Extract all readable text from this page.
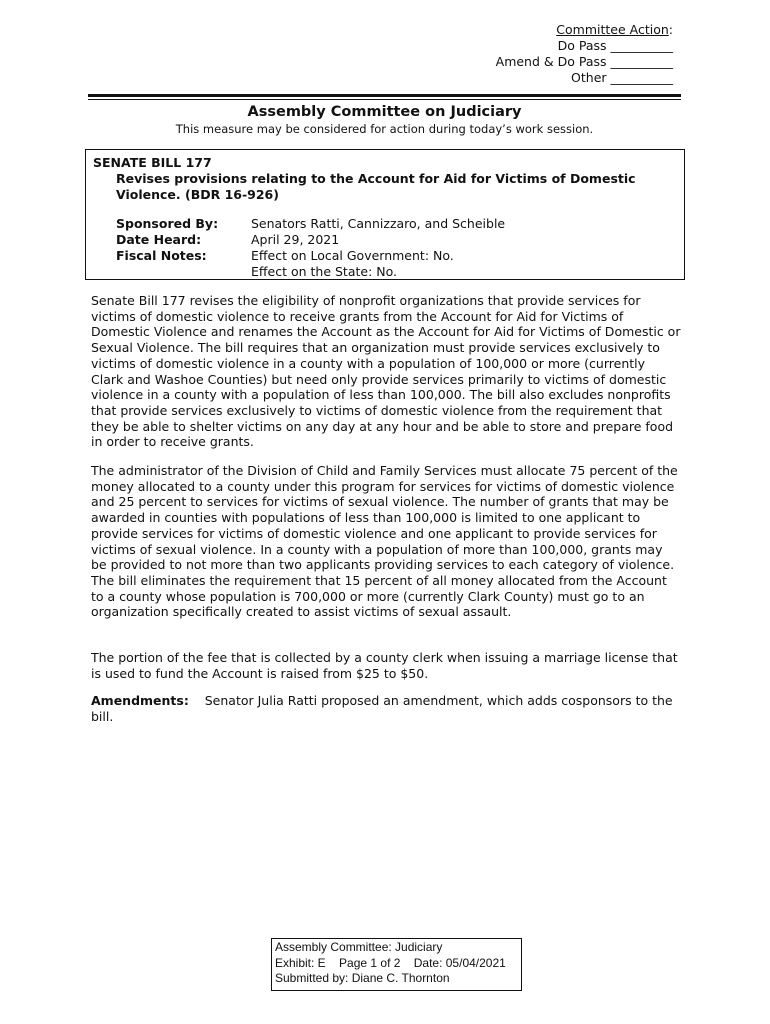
Committee Action:
Do Pass __________
Amend & Do Pass __________
Other __________
Assembly Committee on Judiciary
This measure may be considered for action during today’s work session.
SENATE BILL 177
Revises provisions relating to the Account for Aid for Victims of Domestic
Violence. (BDR 16-926)
Sponsored By:	Senators Ratti, Cannizzaro, and Scheible
Date Heard:	April 29, 2021
Fiscal Notes:	Effect on Local Government: No.
Effect on the State: No.

Senate Bill 177 revises the eligibility of nonprofit organizations that provide services for victims of domestic violence to receive grants from the Account for Aid for Victims of Domestic Violence and renames the Account as the Account for Aid for Victims of Domestic or Sexual Violence. The bill requires that an organization must provide services exclusively to victims of domestic violence in a county with a population of 100,000 or more (currently Clark and Washoe Counties) but need only provide services primarily to victims of domestic violence in a county with a population of less than 100,000. The bill also excludes nonprofits that provide services exclusively to victims of domestic violence from the requirement that they be able to shelter victims on any day at any hour and be able to store and prepare food in order to receive grants.

The administrator of the Division of Child and Family Services must allocate 75 percent of the money allocated to a county under this program for services for victims of domestic violence and 25 percent to services for victims of sexual violence. The number of grants that may be awarded in counties with populations of less than 100,000 is limited to one applicant to provide services for victims of domestic violence and one applicant to provide services for victims of sexual violence. In a county with a population of more than 100,000, grants may be provided to not more than two applicants providing services to each category of violence. The bill eliminates the requirement that 15 percent of all money allocated from the Account to a county whose population is 700,000 or more (currently Clark County) must go to an organization specifically created to assist victims of sexual assault.

The portion of the fee that is collected by a county clerk when issuing a marriage license that is used to fund the Account is raised from $25 to $50.

Amendments: Senator Julia Ratti proposed an amendment, which adds cosponsors to the bill.

Assembly Committee: Judiciary
Exhibit: E    Page 1 of 2    Date: 05/04/2021
Submitted by: Diane C. Thornton
